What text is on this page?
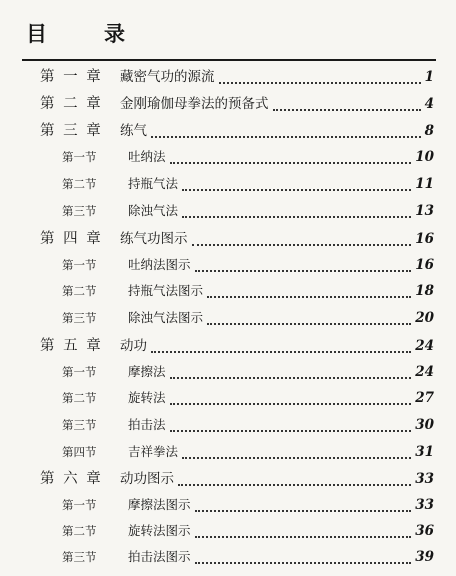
目	录
第 一 章 藏密气功的源流	1
第 二 章 金刚瑜伽母拳法的预备式	4
第 三 章 练气	8
第一节	吐纳法	10
第二节	持瓶气法	11
第三节	除浊气法	13
第 四 章 练气功图示	16
第一节	吐纳法图示	16
第二节	持瓶气法图示	18
第三节	除浊气法图示	20
第 五 章 动功	24
第一节	摩擦法	24
第二节	旋转法	27
第三节	拍击法	30
第四节	吉祥拳法	31
第 六 章 动功图示	33
第一节	摩擦法图示	33
第二节	旋转法图示	36
第三节	拍击法图示	39
